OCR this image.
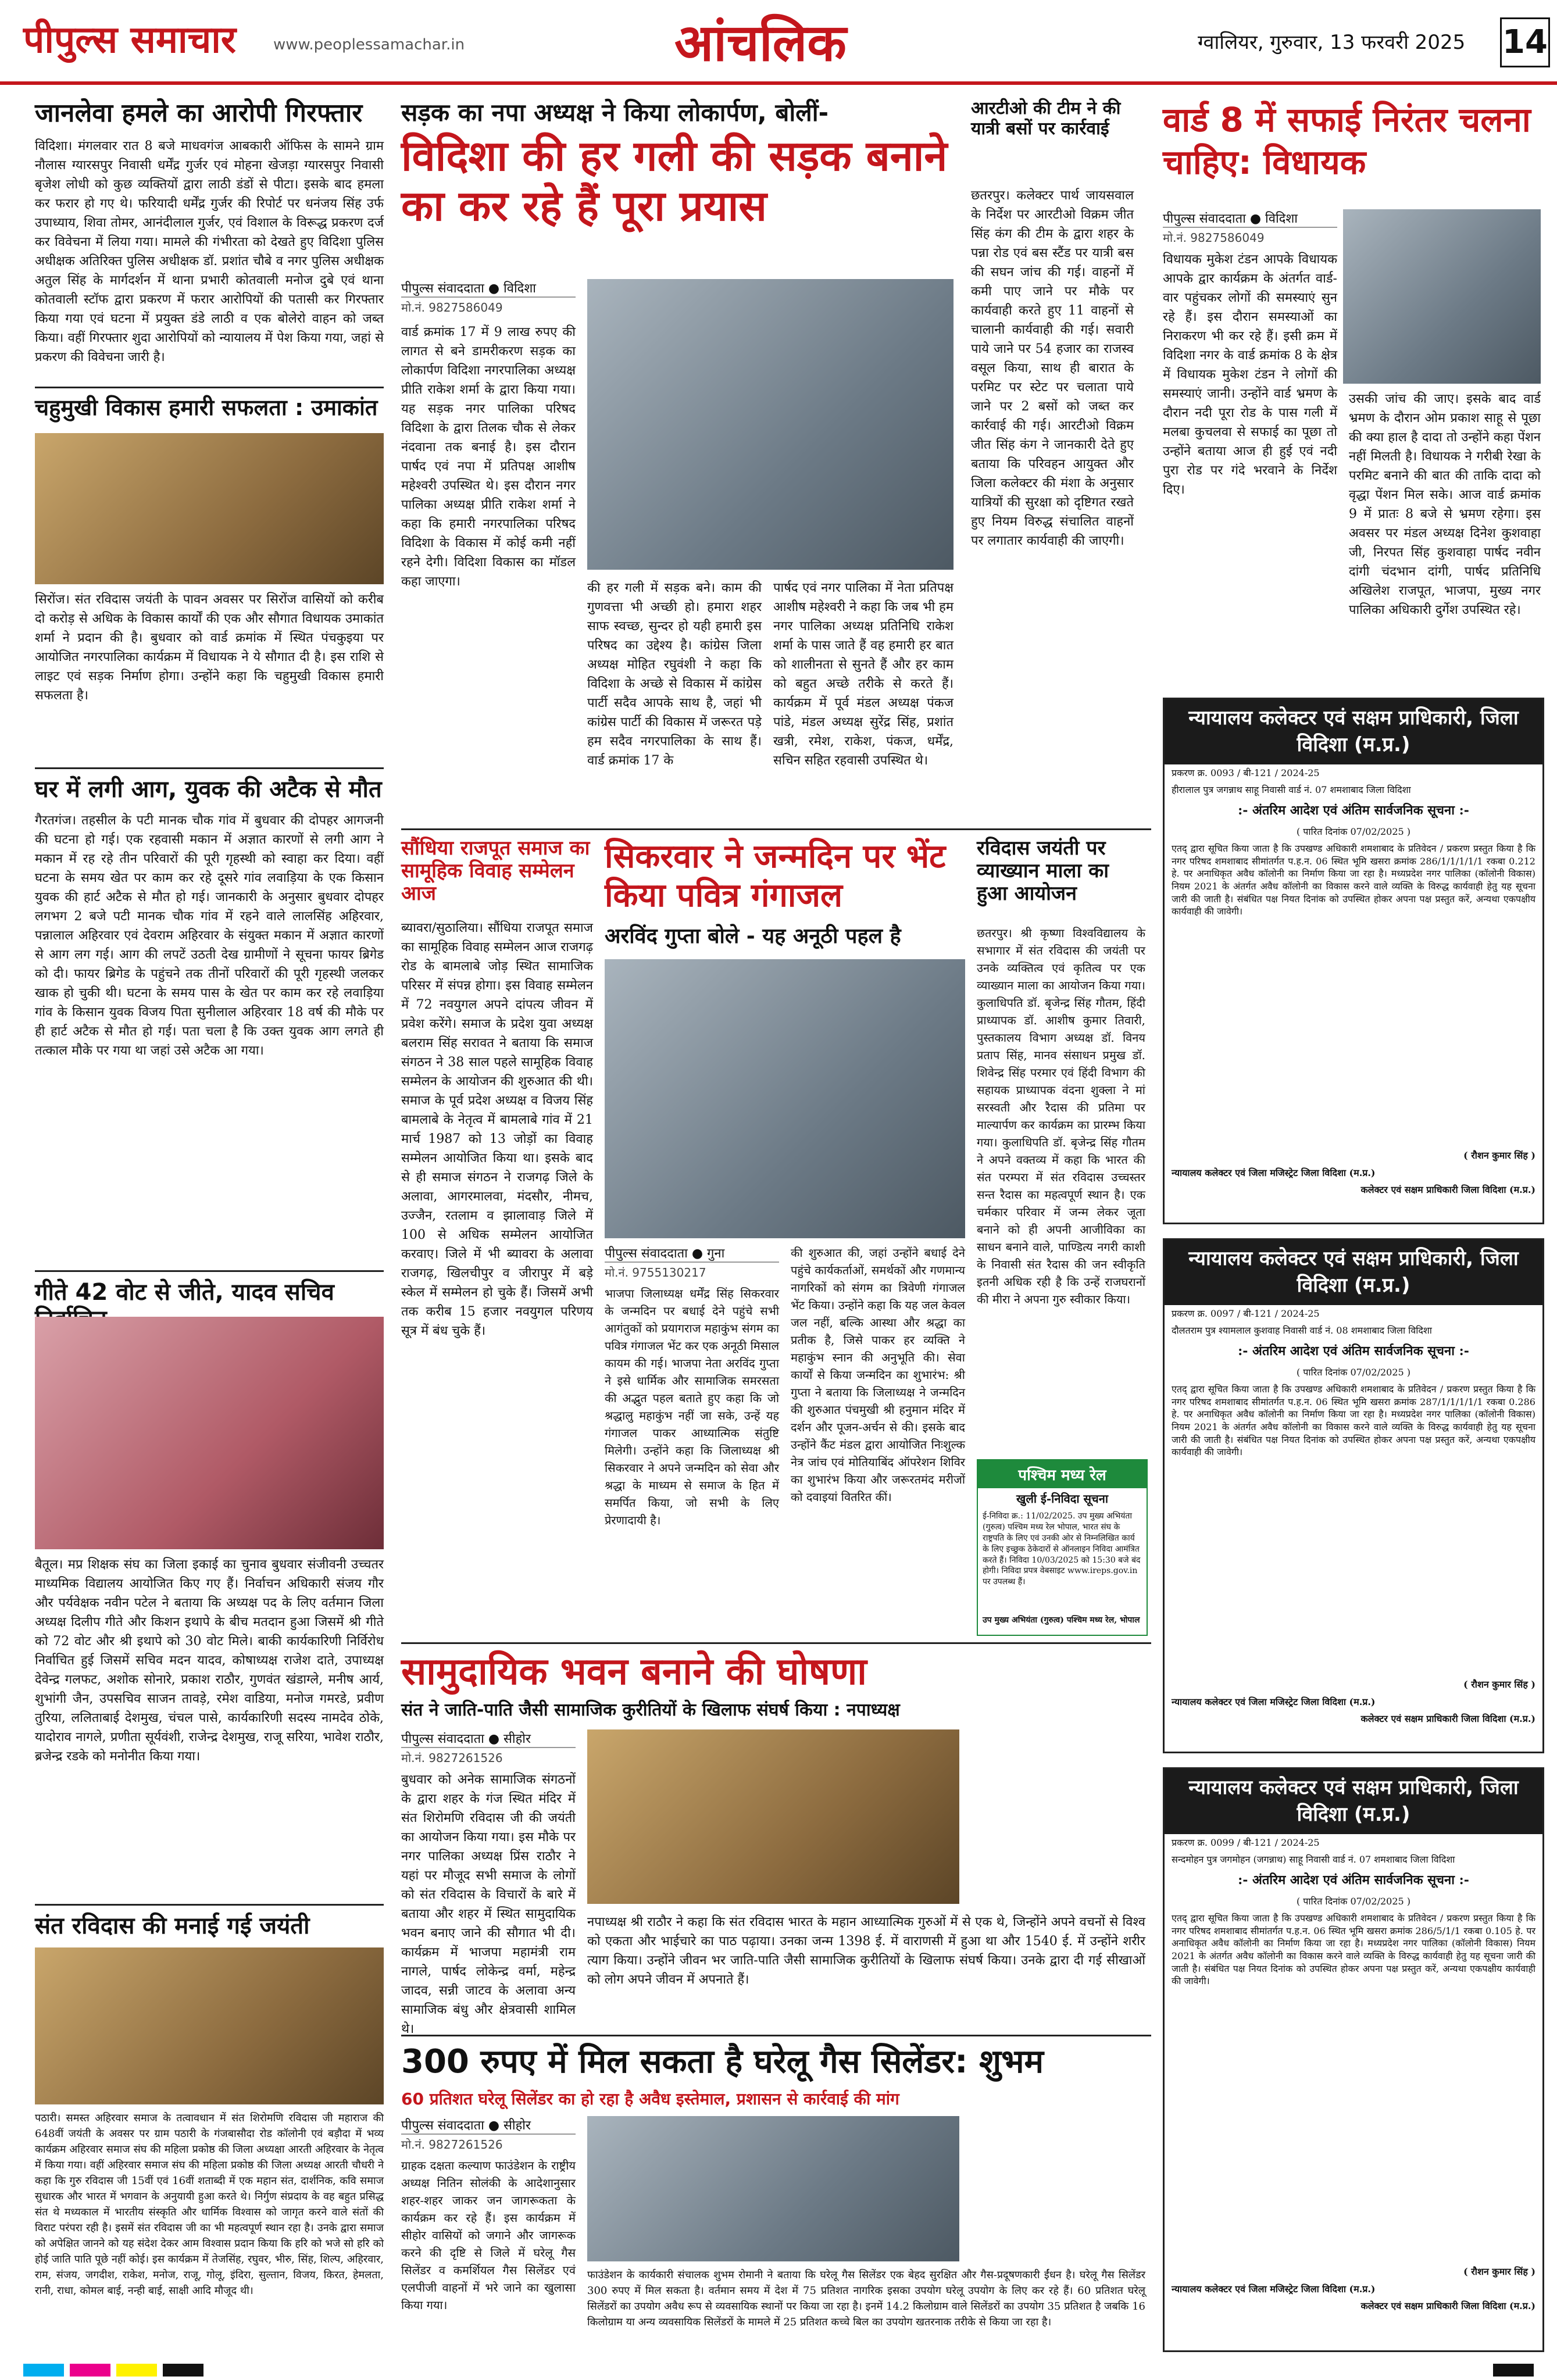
पीपुल्स समाचार www.peoplessamachar.in	आंचलिक	ग्वालियर, गुरुवार, 13 फरवरी 2025 14
जानलेवा हमले का आरोपी गिरफ्तार
विदिशा। मंगलवार रात 8 बजे माधवगंज आबकारी ऑफिस के सामने ग्राम नौलास ग्यारसपुर निवासी धर्मेंद्र गुर्जर एवं मोहना खेजड़ा ग्यारसपुर निवासी बृजेश लोधी को कुछ व्यक्तियों द्वारा लाठी डंडों से पीटा। इसके बाद हमला कर फरार हो गए थे। फरियादी धर्मेंद्र गुर्जर की रिपोर्ट पर धनंजय सिंह उर्फ उपाध्याय, शिवा तोमर, आनंदीलाल गुर्जर, एवं विशाल के विरूद्ध प्रकरण दर्ज कर विवेचना में लिया गया। मामले की गंभीरता को देखते हुए विदिशा पुलिस अधीक्षक अतिरिक्त पुलिस अधीक्षक डॉ. प्रशांत चौबे व नगर पुलिस अधीक्षक अतुल सिंह के मार्गदर्शन में थाना प्रभारी कोतवाली मनोज दुबे एवं थाना कोतवाली स्टॉफ द्वारा प्रकरण में फरार आरोपियों की पतासी कर गिरफ्तार किया गया एवं घटना में प्रयुक्त डंडे लाठी व एक बोलेरो वाहन को जब्त किया। वहीं गिरफ्तार शुदा आरोपियों को न्यायालय में पेश किया गया, जहां से प्रकरण की विवेचना जारी है।
चहुमुखी विकास हमारी सफलता : उमाकांत
सिरोंज। संत रविदास जयंती के पावन अवसर पर सिरोंज वासियों को करीब दो करोड़ से अधिक के विकास कार्यों की एक और सौगात विधायक उमाकांत शर्मा ने प्रदान की है। बुधवार को वार्ड क्रमांक में स्थित पंचकुइया पर आयोजित नगरपालिका कार्यक्रम में विधायक ने ये सौगात दी है। इस राशि से लाइट एवं सड़क निर्माण होगा। उन्होंने कहा कि चहुमुखी विकास हमारी सफलता है।
घर में लगी आग, युवक की अटैक से मौत
गैरतगंज। तहसील के पटी मानक चौक गांव में बुधवार की दोपहर आगजनी की घटना हो गई। एक रहवासी मकान में अज्ञात कारणों से लगी आग ने मकान में रह रहे तीन परिवारों की पूरी गृहस्थी को स्वाहा कर दिया। वहीं घटना के समय खेत पर काम कर रहे दूसरे गांव लवाड़िया के एक किसान युवक की हार्ट अटैक से मौत हो गई। जानकारी के अनुसार बुधवार दोपहर लगभग 2 बजे पटी मानक चौक गांव में रहने वाले लालसिंह अहिरवार, पन्नालाल अहिरवार एवं देवराम अहिरवार के संयुक्त मकान में अज्ञात कारणों से आग लग गई। आग की लपटें उठती देख ग्रामीणों ने सूचना फायर ब्रिगेड को दी। फायर ब्रिगेड के पहुंचने तक तीनों परिवारों की पूरी गृहस्थी जलकर खाक हो चुकी थी। घटना के समय पास के खेत पर काम कर रहे लवाड़िया गांव के किसान युवक विजय पिता सुनीलाल अहिरवार 18 वर्ष की मौके पर ही हार्ट अटैक से मौत हो गई। पता चला है कि उक्त युवक आग लगते ही तत्काल मौके पर गया था जहां उसे अटैक आ गया।
गीते 42 वोट से जीते, यादव सचिव
बैतूल। मप्र शिक्षक संघ का जिला इकाई का चुनाव बुधवार संजीवनी उच्चतर माध्यमिक विद्यालय आयोजित किए गए हैं। निर्वाचन अधिकारी संजय गौर और पर्यवेक्षक नवीन पटेल ने बताया कि अध्यक्ष पद के लिए वर्तमान जिला अध्यक्ष दिलीप गीते और किशन इथापे के बीच मतदान हुआ जिसमें श्री गीते को 72 वोट और श्री इथापे को 30 वोट मिले। बाकी कार्यकारिणी निर्विरोध निर्वाचित हुई जिसमें सचिव मदन यादव, कोषाध्यक्ष राजेश दाते, उपाध्यक्ष देवेन्द्र गलफट, अशोक सोनारे, प्रकाश राठौर, गुणवंत खंडाग्ले, मनीष आर्य, शुभांगी जैन, उपसचिव साजन तावड़े, रमेश वाडिया, मनोज गमरडे, प्रवीण तुरिया, ललिताबाई देशमुख, चंचल पासे, कार्यकारिणी सदस्य नामदेव ठोके, यादोराव नागले, प्रणीता सूर्यवंशी, राजेन्द्र देशमुख, राजू सरिया, भावेश राठौर, ब्रजेन्द्र रडके को मनोनीत किया गया।
संत रविदास की मनाई गई जयंती
पठारी। समस्त अहिरवार समाज के तत्वावधान में संत शिरोमणि रविदास जी महाराज की 648वीं जयंती के अवसर पर ग्राम पठारी के गंजबासौदा रोड कॉलोनी एवं बड़ौदा में भव्य कार्यक्रम अहिरवार समाज संघ की महिला प्रकोष्ठ की जिला अध्यक्षा आरती अहिरवार के नेतृत्व में किया गया। वहीं अहिरवार समाज संघ की महिला प्रकोष्ठ की जिला अध्यक्ष आरती चौधरी ने कहा कि गुरु रविदास जी 15वीं एवं 16वीं शताब्दी में एक महान संत, दार्शनिक, कवि समाज सुधारक और भारत में भगवान के अनुयायी हुआ करते थे। निर्गुण संप्रदाय के वह बहुत प्रसिद्ध संत थे मध्यकाल में भारतीय संस्कृति और धार्मिक विश्वास को जागृत करने वाले संतों की विराट परंपरा रही है। इसमें संत रविदास जी का भी महत्वपूर्ण स्थान रहा है। उनके द्वारा समाज को अपेक्षित जानने को यह संदेश देकर आम विश्वास प्रदान किया कि हरि को भजे सो हरि को होई जाति पाति पूछे नहीं कोई। इस कार्यक्रम में तेजसिंह, रघुवर, भीरु, सिंह, शिल्प, अहिरवार, राम, संजय, जगदीश, राकेश, मनोज, राजू, गोलू, इंदिरा, सुल्तान, विजय, किरत, हेमलता, रानी, राधा, कोमल बाई, नन्ही बाई, साक्षी आदि मौजूद थी।
सड़क का नपा अध्यक्ष ने किया लोकार्पण, बोलीं-
विदिशा की हर गली की सड़क बनाने का कर रहे हैं पूरा प्रयास
पीपुल्स संवाददाता ● विदिशा
मो.नं. 9827586049
वार्ड क्रमांक 17 में 9 लाख रुपए की लागत से बने डामरीकरण सड़क का लोकार्पण विदिशा नगरपालिका अध्यक्ष प्रीति राकेश शर्मा के द्वारा किया गया। यह सड़क नगर पालिका परिषद विदिशा के द्वारा तिलक चौक से लेकर नंदवाना तक बनाई है। इस दौरान पार्षद एवं नपा में प्रतिपक्ष आशीष महेश्वरी उपस्थित थे। इस दौरान नगर पालिका अध्यक्ष प्रीति राकेश शर्मा ने कहा कि हमारी नगरपालिका परिषद विदिशा के विकास में कोई कमी नहीं रहने देगी। विदिशा विकास का मॉडल कहा जाएगा।	की हर गली में सड़क बने। काम की गुणवत्ता भी अच्छी हो। हमारा शहर साफ स्वच्छ, सुन्दर हो यही हमारी इस परिषद का उद्देश्य है। कांग्रेस जिला अध्यक्ष मोहित रघुवंशी ने कहा कि विदिशा के अच्छे से विकास में कांग्रेस पार्टी सदैव आपके साथ है, जहां भी कांग्रेस पार्टी की विकास में जरूरत पड़े हम सदैव नगरपालिका के साथ हैं। वार्ड क्रमांक 17 के
पार्षद एवं नगर पालिका में नेता प्रतिपक्ष आशीष महेश्वरी ने कहा कि जब भी हम नगर पालिका अध्यक्ष प्रतिनिधि राकेश शर्मा के पास जाते हैं वह हमारी हर बात को शालीनता से सुनते हैं और हर काम को बहुत अच्छे तरीके से करते हैं। कार्यक्रम में पूर्व मंडल अध्यक्ष पंकज पांडे, मंडल अध्यक्ष सुरेंद्र सिंह, प्रशांत खत्री, रमेश, राकेश, पंकज, धर्मेंद्र, सचिन सहित रहवासी उपस्थित थे।
आरटीओ की टीम ने की यात्री बसों पर कार्रवाई
छतरपुर। कलेक्टर पार्थ जायसवाल के निर्देश पर आरटीओ विक्रम जीत सिंह कंग की टीम के द्वारा शहर के पन्ना रोड एवं बस स्टैंड पर यात्री बस की सघन जांच की गई। वाहनों में कमी पाए जाने पर मौके पर कार्यवाही करते हुए 11 वाहनों से चालानी कार्यवाही की गई। सवारी पाये जाने पर 54 हजार का राजस्व वसूल किया, साथ ही बारात के परमिट पर स्टेट पर चलाता पाये जाने पर 2 बसों को जब्त कर कार्रवाई की गई। आरटीओ विक्रम जीत सिंह कंग ने जानकारी देते हुए बताया कि परिवहन आयुक्त और जिला कलेक्टर की मंशा के अनुसार यात्रियों की सुरक्षा को दृष्टिगत रखते हुए नियम विरुद्ध संचालित वाहनों पर लगातार कार्यवाही की जाएगी।
वार्ड 8 में सफाई निरंतर चलना चाहिए: विधायक
पीपुल्स संवाददाता ● विदिशा
मो.नं. 9827586049
विधायक मुकेश टंडन आपके विधायक आपके द्वार कार्यक्रम के अंतर्गत वार्ड-वार पहुंचकर लोगों की समस्याएं सुन रहे हैं। इस दौरान समस्याओं का निराकरण भी कर रहे हैं। इसी क्रम में विदिशा नगर के वार्ड क्रमांक 8 के क्षेत्र में विधायक मुकेश टंडन ने लोगों की समस्याएं जानी। उन्होंने वार्ड भ्रमण के दौरान नदी पूरा रोड के पास गली में मलबा कुचलवा से सफाई का पूछा तो उन्होंने बताया आज ही हुई एवं नदी पुरा रोड पर गंदे भरवाने के निर्देश दिए।
उसकी जांच की जाए। इसके बाद वार्ड भ्रमण के दौरान ओम प्रकाश साहू से पूछा की क्या हाल है दादा तो उन्होंने कहा पेंशन नहीं मिलती है। विधायक ने गरीबी रेखा के परमिट बनाने की बात की ताकि दादा को वृद्धा पेंशन मिल सके। आज वार्ड क्रमांक 9 में प्रातः 8 बजे से भ्रमण रहेगा। इस अवसर पर मंडल अध्यक्ष दिनेश कुशवाहा जी, निरपत सिंह कुशवाहा पार्षद नवीन दांगी चंदभान दांगी, पार्षद प्रतिनिधि अखिलेश राजपूत, भाजपा, मुख्य नगर पालिका अधिकारी दुर्गेश उपस्थित रहे।
सौंधिया राजपूत समाज का सामूहिक विवाह सम्मेलन आज
ब्यावरा/सुठालिया। सौंधिया राजपूत समाज का सामूहिक विवाह सम्मेलन आज राजगढ़ रोड के बामलाबे जोड़ स्थित सामाजिक परिसर में संपन्न होगा। इस विवाह सम्मेलन में 72 नवयुगल अपने दांपत्य जीवन में प्रवेश करेंगे। समाज के प्रदेश युवा अध्यक्ष बलराम सिंह सरावत ने बताया कि समाज संगठन ने 38 साल पहले सामूहिक विवाह सम्मेलन के आयोजन की शुरुआत की थी। समाज के पूर्व प्रदेश अध्यक्ष व विजय सिंह बामलाबे के नेतृत्व में बामलाबे गांव में 21 मार्च 1987 को 13 जोड़ों का विवाह सम्मेलन आयोजित किया था। इसके बाद से ही समाज संगठन ने राजगढ़ जिले के अलावा, आगरमालवा, मंदसौर, नीमच, उज्जैन, रतलाम व झालावाड़ जिले में 100 से अधिक सम्मेलन आयोजित करवाए। जिले में भी ब्यावरा के अलावा राजगढ़, खिलचीपुर व जीरापुर में बड़े स्केल में सम्मेलन हो चुके हैं। जिसमें अभी तक करीब 15 हजार नवयुगल परिणय सूत्र में बंध चुके हैं।
सिकरवार ने जन्मदिन पर भेंट किया पवित्र गंगाजल
अरविंद गुप्ता बोले - यह अनूठी पहल है
पीपुल्स संवाददाता ● गुना
मो.नं. 9755130217
भाजपा जिलाध्यक्ष धर्मेंद्र सिंह सिकरवार के जन्मदिन पर बधाई देने पहुंचे सभी आगंतुकों को प्रयागराज महाकुंभ संगम का पवित्र गंगाजल भेंट कर एक अनूठी मिसाल कायम की गई। भाजपा नेता अरविंद गुप्ता ने इसे धार्मिक और सामाजिक समरसता की अद्भुत पहल बताते हुए कहा कि जो श्रद्धालु महाकुंभ नहीं जा सके, उन्हें यह गंगाजल पाकर आध्यात्मिक संतुष्टि मिलेगी। उन्होंने कहा कि जिलाध्यक्ष श्री सिकरवार ने अपने जन्मदिन को सेवा और श्रद्धा के माध्यम से समाज के हित में समर्पित किया, जो सभी के लिए प्रेरणादायी है।
की शुरुआत की, जहां उन्होंने बधाई देने पहुंचे कार्यकर्ताओं, समर्थकों और गणमान्य नागरिकों को संगम का त्रिवेणी गंगाजल भेंट किया। उन्होंने कहा कि यह जल केवल जल नहीं, बल्कि आस्था और श्रद्धा का प्रतीक है, जिसे पाकर हर व्यक्ति ने महाकुंभ स्नान की अनुभूति की। सेवा कार्यों से किया जन्मदिन का शुभारंभ: श्री गुप्ता ने बताया कि जिलाध्यक्ष ने जन्मदिन की शुरुआत पंचमुखी श्री हनुमान मंदिर में दर्शन और पूजन-अर्चन से की। इसके बाद उन्होंने कैंट मंडल द्वारा आयोजित निःशुल्क नेत्र जांच एवं मोतियाबिंद ऑपरेशन शिविर का शुभारंभ किया और जरूरतमंद मरीजों को दवाइयां वितरित कीं।
रविदास जयंती पर व्याख्यान माला का हुआ आयोजन
छतरपुर। श्री कृष्णा विश्वविद्यालय के सभागार में संत रविदास की जयंती पर उनके व्यक्तित्व एवं कृतित्व पर एक व्याख्यान माला का आयोजन किया गया। कुलाधिपति डॉ. बृजेन्द्र सिंह गौतम, हिंदी प्राध्यापक डॉ. आशीष कुमार तिवारी, पुस्तकालय विभाग अध्यक्ष डॉ. विनय प्रताप सिंह, मानव संसाधन प्रमुख डॉ. शिवेन्द्र सिंह परमार एवं हिंदी विभाग की सहायक प्राध्यापक वंदना शुक्ला ने मां सरस्वती और रैदास की प्रतिमा पर माल्यार्पण कर कार्यक्रम का प्रारम्भ किया गया। कुलाधिपति डॉ. बृजेन्द्र सिंह गौतम ने अपने वक्तव्य में कहा कि भारत की संत परम्परा में संत रविदास उच्चस्तर सन्त रैदास का महत्वपूर्ण स्थान है। एक चर्मकार परिवार में जन्म लेकर जूता बनाने को ही अपनी आजीविका का साधन बनाने वाले, पाण्डित्य नगरी काशी के निवासी संत रैदास की जन स्वीकृति इतनी अधिक रही है कि उन्हें राजघरानों की मीरा ने अपना गुरु स्वीकार किया।
पश्चिम मध्य रेल
खुली ई-निविदा सूचना
ई-निविदा क्र.: 11/02/2025. उप मुख्य अभियंता (गुरुत्व) पश्चिम मध्य रेल भोपाल, भारत संघ के राष्ट्रपति के लिए एवं उनकी ओर से निम्नलिखित कार्य के लिए इच्छुक ठेकेदारों से ऑनलाइन निविदा आमंत्रित करते हैं। निविदा 10/03/2025 को 15:30 बजे बंद होगी। निविदा प्रपत्र वेबसाइट www.ireps.gov.in पर उपलब्ध हैं।
उप मुख्य अभियंता (गुरुत्व) पश्चिम मध्य रेल, भोपाल
सामुदायिक भवन बनाने की घोषणा
संत ने जाति-पाति जैसी सामाजिक कुरीतियों के खिलाफ संघर्ष किया : नपाध्यक्ष
पीपुल्स संवाददाता ● सीहोर
मो.नं. 9827261526
बुधवार को अनेक सामाजिक संगठनों के द्वारा शहर के गंज स्थित मंदिर में संत शिरोमणि रविदास जी की जयंती का आयोजन किया गया। इस मौके पर नगर पालिका अध्यक्ष प्रिंस राठौर ने यहां पर मौजूद सभी समाज के लोगों को संत रविदास के विचारों के बारे में बताया और शहर में स्थित सामुदायिक भवन बनाए जाने की सौगात भी दी। कार्यक्रम में भाजपा महामंत्री राम नागले, पार्षद लोकेन्द्र वर्मा, महेन्द्र जादव, सन्नी जाटव के अलावा अन्य सामाजिक बंधु और क्षेत्रवासी शामिल थे।
नपाध्यक्ष श्री राठौर ने कहा कि संत रविदास भारत के महान आध्यात्मिक गुरुओं में से एक थे, जिन्होंने अपने वचनों से विश्व को एकता और भाईचारे का पाठ पढ़ाया। उनका जन्म 1398 ई. में वाराणसी में हुआ था और 1540 ई. में उन्होंने शरीर त्याग किया। उन्होंने जीवन भर जाति-पाति जैसी सामाजिक कुरीतियों के खिलाफ संघर्ष किया। उनके द्वारा दी गई सीखाओं को लोग अपने जीवन में अपनाते हैं।
300 रुपए में मिल सकता है घरेलू गैस सिलेंडर: शुभम
60 प्रतिशत घरेलू सिलेंडर का हो रहा है अवैध इस्तेमाल, प्रशासन से कार्रवाई की मांग
पीपुल्स संवाददाता ● सीहोर
मो.नं. 9827261526
ग्राहक दक्षता कल्याण फाउंडेशन के राष्ट्रीय अध्यक्ष नितिन सोलंकी के आदेशानुसार शहर-शहर जाकर जन जागरूकता के कार्यक्रम कर रहे हैं। इस कार्यक्रम में सीहोर वासियों को जगाने और जागरूक करने की दृष्टि से जिले में घरेलू गैस सिलेंडर व कमर्शियल गैस सिलेंडर एवं एलपीजी वाहनों में भरे जाने का खुलासा किया गया।
फाउंडेशन के कार्यकारी संचालक शुभम रोमानी ने बताया कि घरेलू गैस सिलेंडर एक बेहद सुरक्षित और गैस-प्रदूषणकारी ईंधन है। घरेलू गैस सिलेंडर 300 रुपए में मिल सकता है। वर्तमान समय में देश में 75 प्रतिशत नागरिक इसका उपयोग घरेलू उपयोग के लिए कर रहे हैं। 60 प्रतिशत घरेलू सिलेंडरों का उपयोग अवैध रूप से व्यवसायिक स्थानों पर किया जा रहा है। इनमें 14.2 किलोग्राम वाले सिलेंडरों का उपयोग 35 प्रतिशत है जबकि 16 किलोग्राम या अन्य व्यवसायिक सिलेंडरों के मामले में 25 प्रतिशत कच्चे बिल का उपयोग खतरनाक तरीके से किया जा रहा है।
न्यायालय कलेक्टर एवं सक्षम प्राधिकारी, जिला विदिशा (म.प्र.)
प्रकरण क्र. 0093 / बी-121 / 2024-25
हीरालाल पुत्र जगन्नाथ साहू निवासी वार्ड नं. 07 शमशाबाद जिला विदिशा
:- अंतरिम आदेश एवं अंतिम सार्वजनिक सूचना :-
( पारित दिनांक 07/02/2025 )
एतद् द्वारा सूचित किया जाता है कि उपखण्ड अधिकारी शमशाबाद के प्रतिवेदन / प्रकरण प्रस्तुत किया है कि नगर परिषद शमशाबाद सीमांतर्गत प.ह.न. 06 स्थित भूमि खसरा क्रमांक 286/1/1/1/1/1 रकबा 0.212 हे. पर अनाधिकृत अवैध कॉलोनी का निर्माण किया जा रहा है। मध्यप्रदेश नगर पालिका (कॉलोनी विकास) नियम 2021 के अंतर्गत अवैध कॉलोनी का विकास करने वाले व्यक्ति के विरुद्ध कार्यवाही हेतु यह सूचना जारी की जाती है। संबंधित पक्ष नियत दिनांक को उपस्थित होकर अपना पक्ष प्रस्तुत करें, अन्यथा एकपक्षीय कार्यवाही की जावेगी।
( रौशन कुमार सिंह )
न्यायालय कलेक्टर एवं जिला मजिस्ट्रेट जिला विदिशा (म.प्र.)
कलेक्टर एवं सक्षम प्राधिकारी जिला विदिशा (म.प्र.)
न्यायालय कलेक्टर एवं सक्षम प्राधिकारी, जिला विदिशा (म.प्र.)
प्रकरण क्र. 0097 / बी-121 / 2024-25
दौलतराम पुत्र श्यामलाल कुशवाह निवासी वार्ड नं. 08 शमशाबाद जिला विदिशा
:- अंतरिम आदेश एवं अंतिम सार्वजनिक सूचना :-
( पारित दिनांक 07/02/2025 )
एतद् द्वारा सूचित किया जाता है कि उपखण्ड अधिकारी शमशाबाद के प्रतिवेदन / प्रकरण प्रस्तुत किया है कि नगर परिषद शमशाबाद सीमांतर्गत प.ह.न. 06 स्थित भूमि खसरा क्रमांक 287/1/1/1/1/1 रकबा 0.286 हे. पर अनाधिकृत अवैध कॉलोनी का निर्माण किया जा रहा है। मध्यप्रदेश नगर पालिका (कॉलोनी विकास) नियम 2021 के अंतर्गत अवैध कॉलोनी का विकास करने वाले व्यक्ति के विरुद्ध कार्यवाही हेतु यह सूचना जारी की जाती है। संबंधित पक्ष नियत दिनांक को उपस्थित होकर अपना पक्ष प्रस्तुत करें, अन्यथा एकपक्षीय कार्यवाही की जावेगी।
( रौशन कुमार सिंह )
न्यायालय कलेक्टर एवं जिला मजिस्ट्रेट जिला विदिशा (म.प्र.)
कलेक्टर एवं सक्षम प्राधिकारी जिला विदिशा (म.प्र.)
न्यायालय कलेक्टर एवं सक्षम प्राधिकारी, जिला विदिशा (म.प्र.)
प्रकरण क्र. 0099 / बी-121 / 2024-25
सन्दमोहन पुत्र जगमोहन (जगन्नाथ) साहू निवासी वार्ड नं. 07 शमशाबाद जिला विदिशा
:- अंतरिम आदेश एवं अंतिम सार्वजनिक सूचना :-
( पारित दिनांक 07/02/2025 )
एतद् द्वारा सूचित किया जाता है कि उपखण्ड अधिकारी शमशाबाद के प्रतिवेदन / प्रकरण प्रस्तुत किया है कि नगर परिषद शमशाबाद सीमांतर्गत प.ह.न. 06 स्थित भूमि खसरा क्रमांक 286/5/1/1 रकबा 0.105 हे. पर अनाधिकृत अवैध कॉलोनी का निर्माण किया जा रहा है। मध्यप्रदेश नगर पालिका (कॉलोनी विकास) नियम 2021 के अंतर्गत अवैध कॉलोनी का विकास करने वाले व्यक्ति के विरुद्ध कार्यवाही हेतु यह सूचना जारी की जाती है। संबंधित पक्ष नियत दिनांक को उपस्थित होकर अपना पक्ष प्रस्तुत करें, अन्यथा एकपक्षीय कार्यवाही की जावेगी।
( रौशन कुमार सिंह )
न्यायालय कलेक्टर एवं जिला मजिस्ट्रेट जिला विदिशा (म.प्र.)
कलेक्टर एवं सक्षम प्राधिकारी जिला विदिशा (म.प्र.)
